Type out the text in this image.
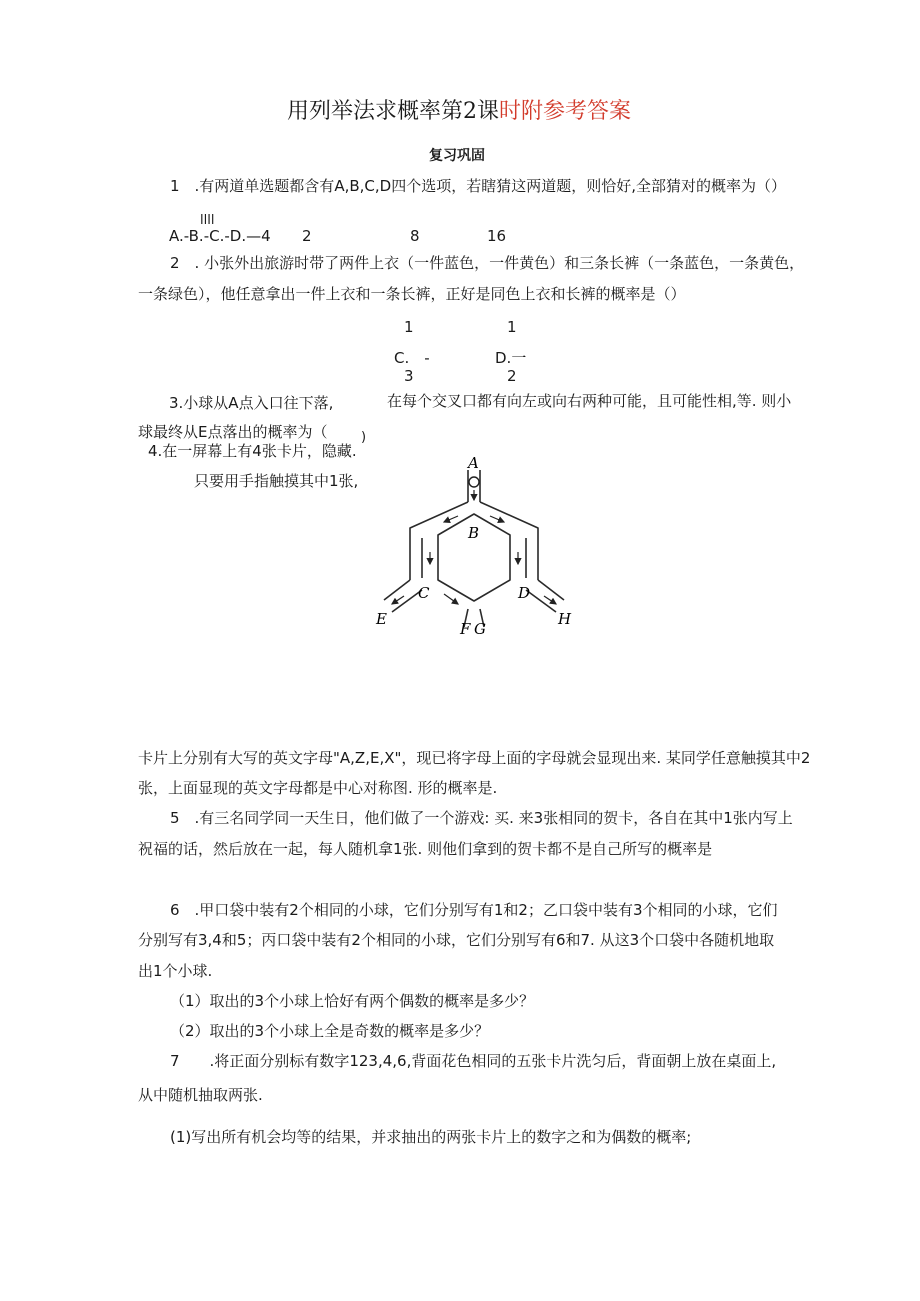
用列举法求概率第2课时附参考答案
复习巩固
1　.有两道单选题都含有A,B,C,D四个选项，若瞎猜这两道题，则恰好,全部猜对的概率为（）
llll
A.-B.-C.-D.—4 2	8	16
2　. 小张外出旅游时带了两件上衣（一件蓝色，一件黄色）和三条长裤（一条蓝色，一条黄色，
一条绿色），他任意拿出一件上衣和一条长裤，正好是同色上衣和长裤的概率是（）
1	1
C.　-	D.一
3	2
3.小球从A点入口往下落,	在每个交叉口都有向左或向右两种可能，且可能性相,等. 则小
球最终从E点落出的概率为（	)
4.在一屏幕上有4张卡片，隐藏.
只要用手指触摸其中1张,
A
B
C	D
E
F G
H
卡片上分别有大写的英文字母"A,Z,E,X"，现已将字母上面的字母就会显现出来. 某同学任意触摸其中2
张，上面显现的英文字母都是中心对称图. 形的概率是.
5　.有三名同学同一天生日，他们做了一个游戏: 买. 来3张相同的贺卡，各自在其中1张内写上
祝福的话，然后放在一起，每人随机拿1张. 则他们拿到的贺卡都不是自己所写的概率是
6　.甲口袋中装有2个相同的小球，它们分别写有1和2；乙口袋中装有3个相同的小球，它们
分别写有3,4和5；丙口袋中装有2个相同的小球，它们分别写有6和7. 从这3个口袋中各随机地取
出1个小球.
（1）取出的3个小球上恰好有两个偶数的概率是多少？
（2）取出的3个小球上全是奇数的概率是多少？
7　　.将正面分别标有数字123,4,6,背面花色相同的五张卡片洗匀后，背面朝上放在桌面上,
从中随机抽取两张.
(1)写出所有机会均等的结果，并求抽出的两张卡片上的数字之和为偶数的概率;
